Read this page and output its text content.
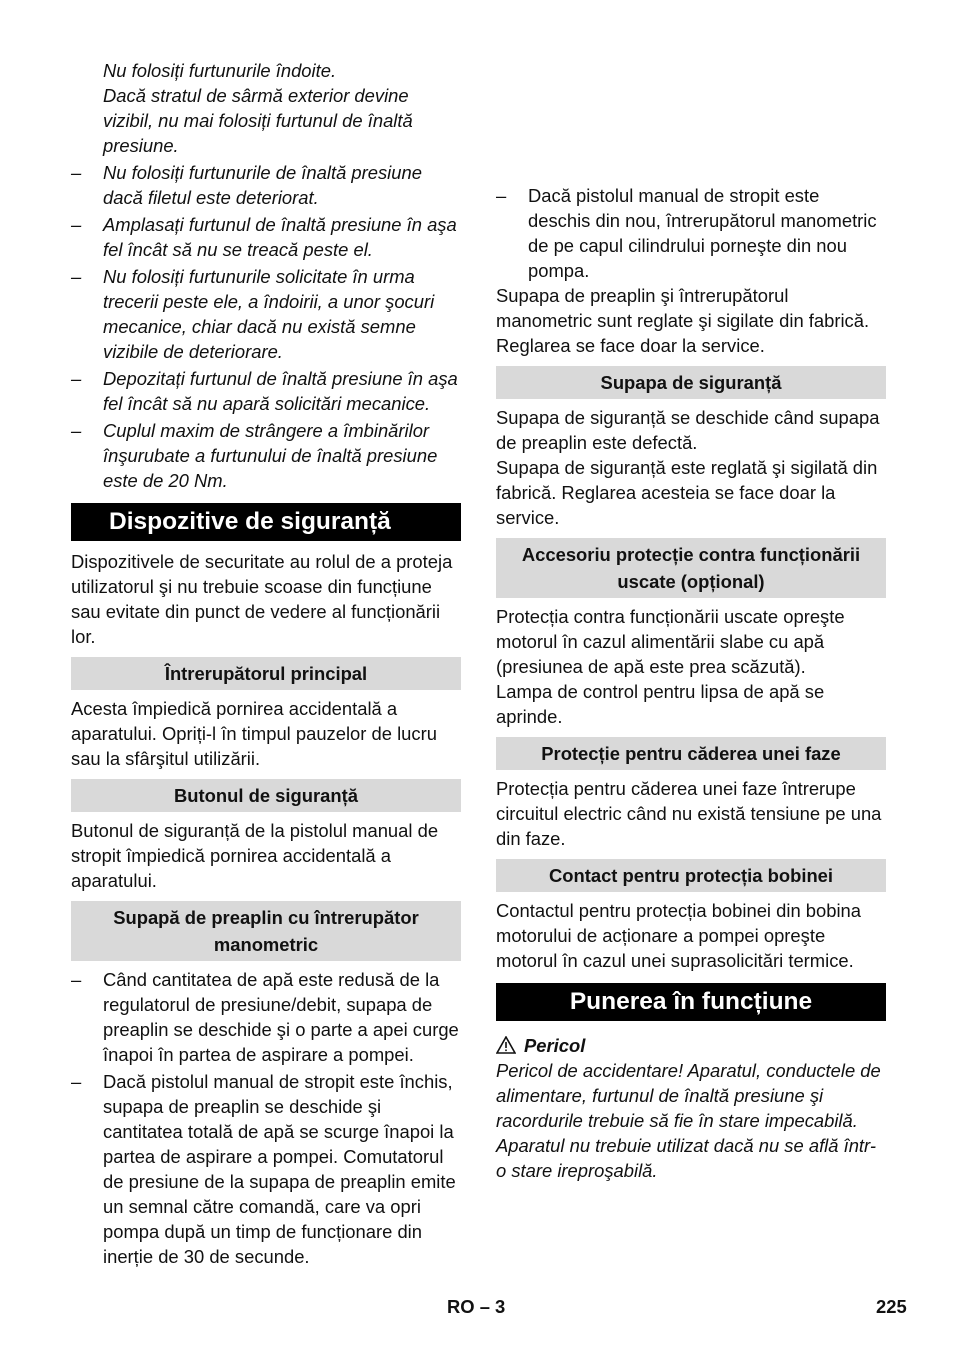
Nu folosiți furtunurile îndoite.

Dacă stratul de sârmă exterior devine vizibil, nu mai folosiți furtunul de înaltă presiune.

– Nu folosiți furtunurile de înaltă presiune dacă filetul este deteriorat.
– Amplasați furtunul de înaltă presiune în aşa fel încât să nu se treacă peste el.
– Nu folosiți furtunurile solicitate în urma trecerii peste ele, a îndoirii, a unor şocuri mecanice, chiar dacă nu există semne vizibile de deteriorare.
– Depozitați furtunul de înaltă presiune în aşa fel încât să nu apară solicitări mecanice.
– Cuplul maxim de strângere a îmbinărilor înşurubate a furtunului de înaltă presiune este de 20 Nm.
Dispozitive de siguranță

Dispozitivele de securitate au rolul de a proteja utilizatorul şi nu trebuie scoase din funcțiune sau evitate din punct de vedere al funcționării lor.

Întrerupătorul principal

Acesta împiedică pornirea accidentală a aparatului. Opriți-l în timpul pauzelor de lucru sau la sfârşitul utilizării.

Butonul de siguranță

Butonul de siguranță de la pistolul manual de stropit împiedică pornirea accidentală a aparatului.

Supapă de preaplin cu întrerupător manometric
– Când cantitatea de apă este redusă de la regulatorul de presiune/debit, supapa de preaplin se deschide şi o parte a apei curge înapoi în partea de aspirare a pompei.
– Dacă pistolul manual de stropit este închis, supapa de preaplin se deschide şi cantitatea totală de apă se scurge înapoi la partea de aspirare a pompei. Comutatorul de presiune de la supapa de preaplin emite un semnal către comandă, care va opri pompa după un timp de funcționare din inerție de 30 de secunde.
– Dacă pistolul manual de stropit este deschis din nou, întrerupătorul manometric de pe capul cilindrului porneşte din nou pompa.

Supapa de preaplin şi întrerupătorul manometric sunt reglate şi sigilate din fabrică. Reglarea se face doar la service.

Supapa de siguranță

Supapa de siguranță se deschide când supapa de preaplin este defectă.

Supapa de siguranță este reglată şi sigilată din fabrică. Reglarea acesteia se face doar la service.

Accesoriu protecție contra funcționării uscate (opțional)

Protecția contra funcționării uscate opreşte motorul în cazul alimentării slabe cu apă (presiunea de apă este prea scăzută).

Lampa de control pentru lipsa de apă se aprinde.

Protecție pentru căderea unei faze

Protecția pentru căderea unei faze întrerupe circuitul electric când nu există tensiune pe una din faze.

Contact pentru protecția bobinei

Contactul pentru protecția bobinei din bobina motorului de acționare a pompei opreşte motorul în cazul unei suprasolicitări termice.

Punerea în funcțiune
Pericol

Pericol de accidentare! Aparatul, conductele de alimentare, furtunul de înaltă presiune şi racordurile trebuie să fie în stare impecabilă. Aparatul nu trebuie utilizat dacă nu se află într-o stare ireproşabilă.

RO – 3	225
